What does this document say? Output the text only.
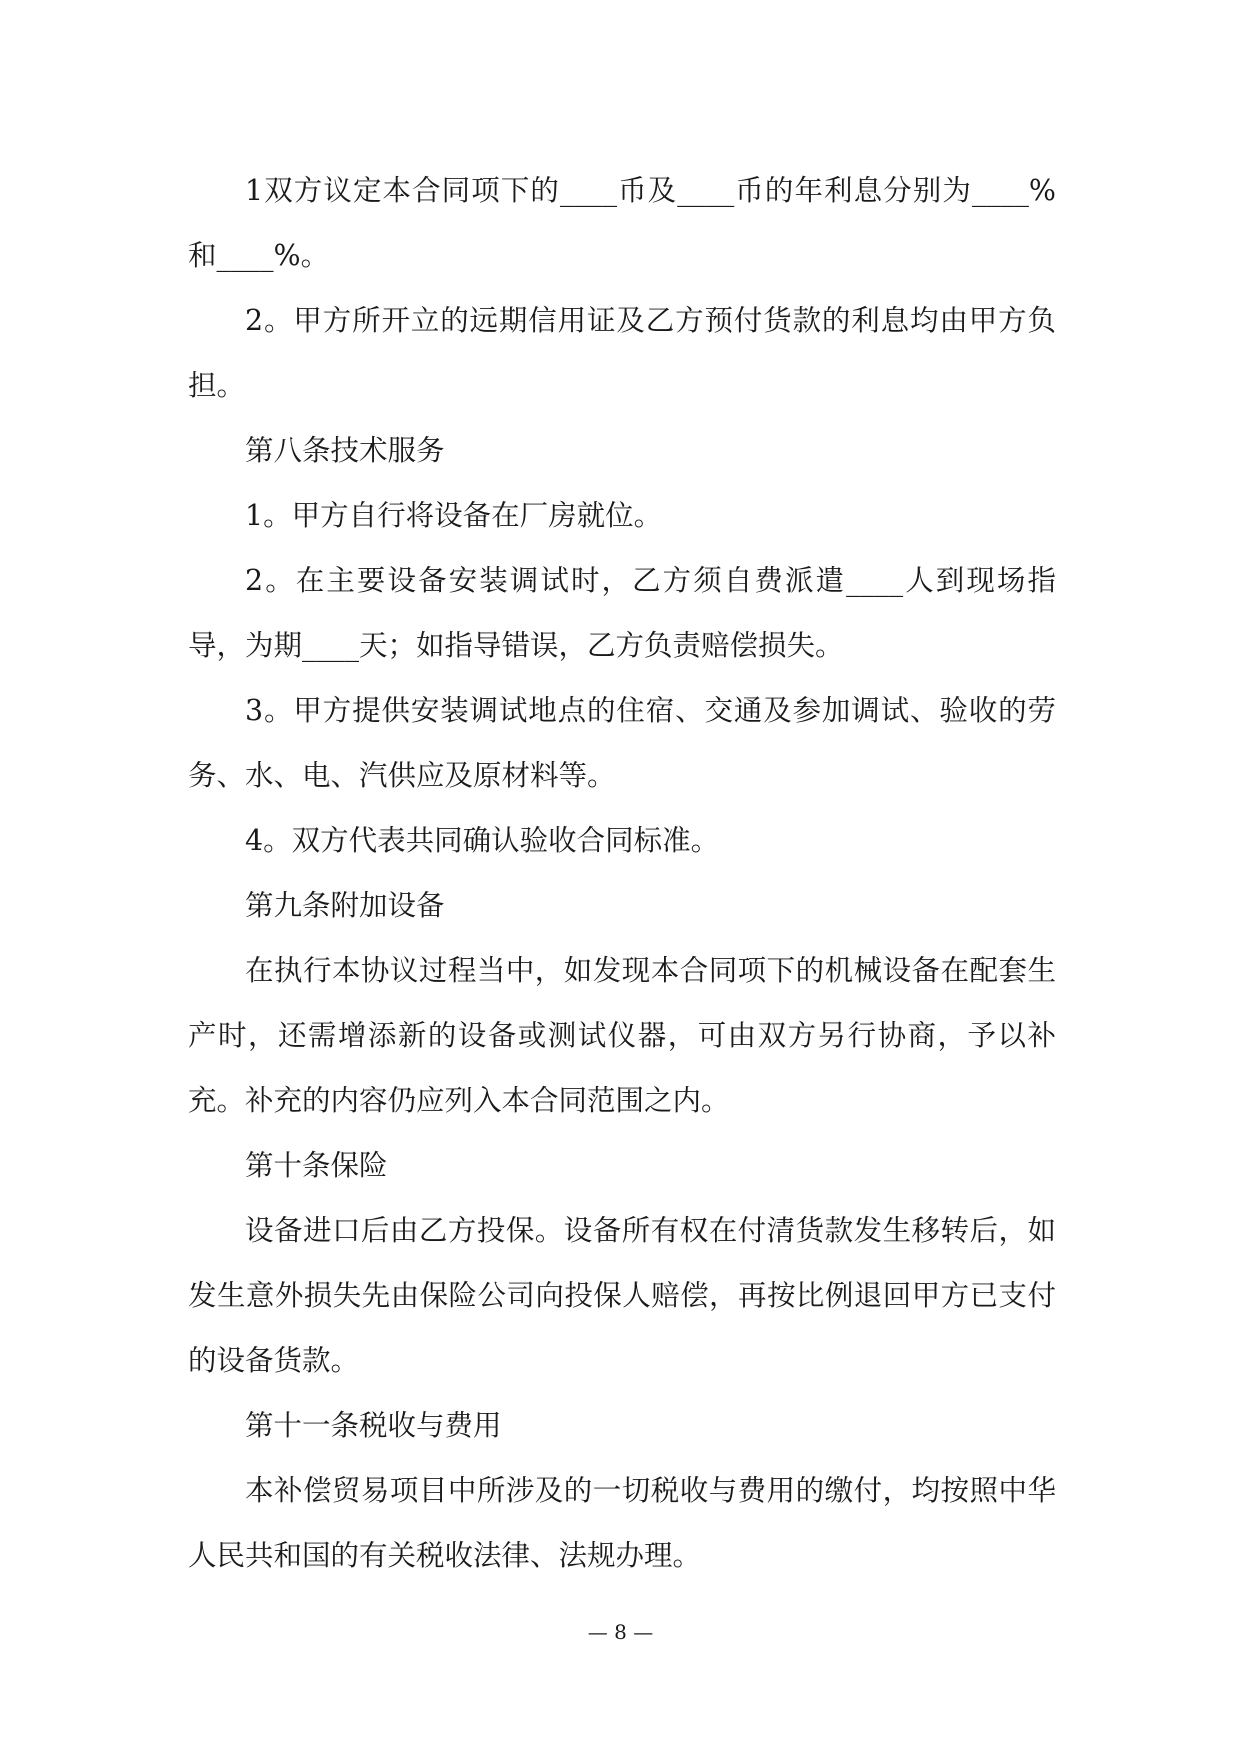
1双方议定本合同项下的____币及____币的年利息分别为____%和____%。

2。甲方所开立的远期信用证及乙方预付货款的利息均由甲方负担。

第八条技术服务

1。甲方自行将设备在厂房就位。

2。在主要设备安装调试时，乙方须自费派遣____人到现场指导，为期____天；如指导错误，乙方负责赔偿损失。

3。甲方提供安装调试地点的住宿、交通及参加调试、验收的劳务、水、电、汽供应及原材料等。

4。双方代表共同确认验收合同标准。

第九条附加设备

在执行本协议过程当中，如发现本合同项下的机械设备在配套生产时，还需增添新的设备或测试仪器，可由双方另行协商，予以补充。补充的内容仍应列入本合同范围之内。

第十条保险

设备进口后由乙方投保。设备所有权在付清货款发生移转后，如发生意外损失先由保险公司向投保人赔偿，再按比例退回甲方已支付的设备货款。

第十一条税收与费用

本补偿贸易项目中所涉及的一切税收与费用的缴付，均按照中华人民共和国的有关税收法律、法规办理。

— 8 —
